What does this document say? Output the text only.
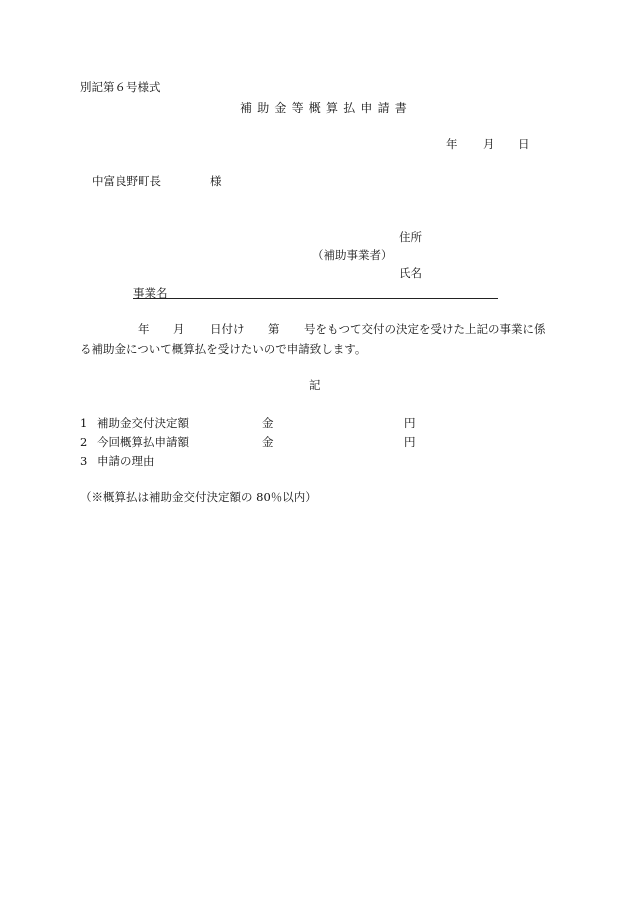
別記第６号様式
補助金等概算払申請書
年 月 日
中富良野町長	様
住所
（補助事業者）
氏名
事業名
年 月 日付け 第 号をもつて交付の決定を受けた上記の事業に係
る補助金について概算払を受けたいので申請致します。
記
1 補助金交付決定額	金	円
2 今回概算払申請額	金	円
3 申請の理由
（※概算払は補助金交付決定額の 80％以内）
